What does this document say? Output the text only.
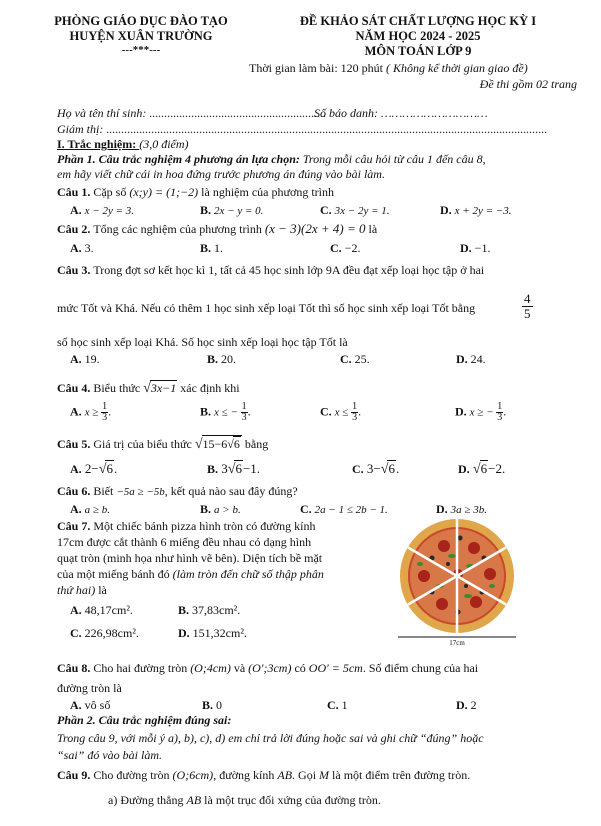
PHÒNG GIÁO DỤC ĐÀO TẠO
HUYỆN XUÂN TRƯỜNG
---***---
ĐỀ KHẢO SÁT CHẤT LƯỢNG HỌC KỲ I
NĂM HỌC 2024 - 2025
MÔN TOÁN LỚP 9
Thời gian làm bài: 120 phút ( Không kể thời gian giao đề)
Đề thi gồm 02 trang
Họ và tên thí sinh: ...........................................................
Số báo danh: …………………………
Giám thị: ...................................................................................................................................................
I. Trắc nghiệm: (3,0 điểm)
Phần 1. Câu trắc nghiệm 4 phương án lựa chọn: Trong mỗi câu hỏi từ câu 1 đến câu 8,
em hãy viết chữ cái in hoa đứng trước phương án đúng vào bài làm.
Câu 1. Cặp số (x;y) = (1;−2) là nghiệm của phương trình
A. x − 2y = 3.	B. 2x − y = 0.	C. 3x − 2y = 1.	D. x + 2y = −3.
Câu 2. Tổng các nghiệm của phương trình (x − 3)(2x + 4) = 0 là
A. 3.	B. 1.	C. −2.	D. −1.
Câu 3. Trong đợt sơ kết học kì 1, tất cả 45 học sinh lớp 9A đều đạt xếp loại học tập ở hai
mức Tốt và Khá. Nếu có thêm 1 học sinh xếp loại Tốt thì số học sinh xếp loại Tốt bằng	$\frac{4}{5}$
số học sinh xếp loại Khá. Số học sinh xếp loại học tập Tốt là
A. 19.	B. 20.	C. 25.	D. 24.
Câu 4. Biểu thức √3x−1 xác định khi
A. $x \ge \frac{1}{3}$ .	B. x ≤ − $\frac{1}{3}$ .	C. $x \le \frac{1}{3}$ .	D. x ≥ − $\frac{1}{3}$ .
Câu 5. Giá trị của biểu thức √15−6√6 bằng
A. 2−√6.	B. 3√6−1.	C. 3−√6.	D. √6−2.
Câu 6. Biết −5a ≥ −5b, kết quả nào sau đây đúng?
A. a ≥ b.	B. a > b.	C. 2a − 1 ≤ 2b − 1.	D. 3a ≥ 3b.
Câu 7. Một chiếc bánh pizza hình tròn có đường kính
17cm được cắt thành 6 miếng đều nhau có dạng hình
quạt tròn (minh họa như hình vẽ bên). Diện tích bề mặt
của một miếng bánh đó (làm tròn đến chữ số thập phân
thứ hai) là
A. 48,17cm².	B. 37,83cm².
C. 226,98cm².	D. 151,32cm².
17cm
Câu 8. Cho hai đường tròn (O;4cm) và (O′;3cm) có OO′ = 5cm. Số điểm chung của hai
đường tròn là
A. vô số	B. 0	C. 1	D. 2
Phần 2. Câu trắc nghiệm đúng sai:
Trong câu 9, với mỗi ý a), b), c), d) em chỉ trả lời đúng hoặc sai và ghi chữ “đúng” hoặc
“sai” đó vào bài làm.
Câu 9. Cho đường tròn (O;6cm), đường kính AB. Gọi M là một điểm trên đường tròn.
a) Đường thẳng AB là một trục đối xứng của đường tròn.
